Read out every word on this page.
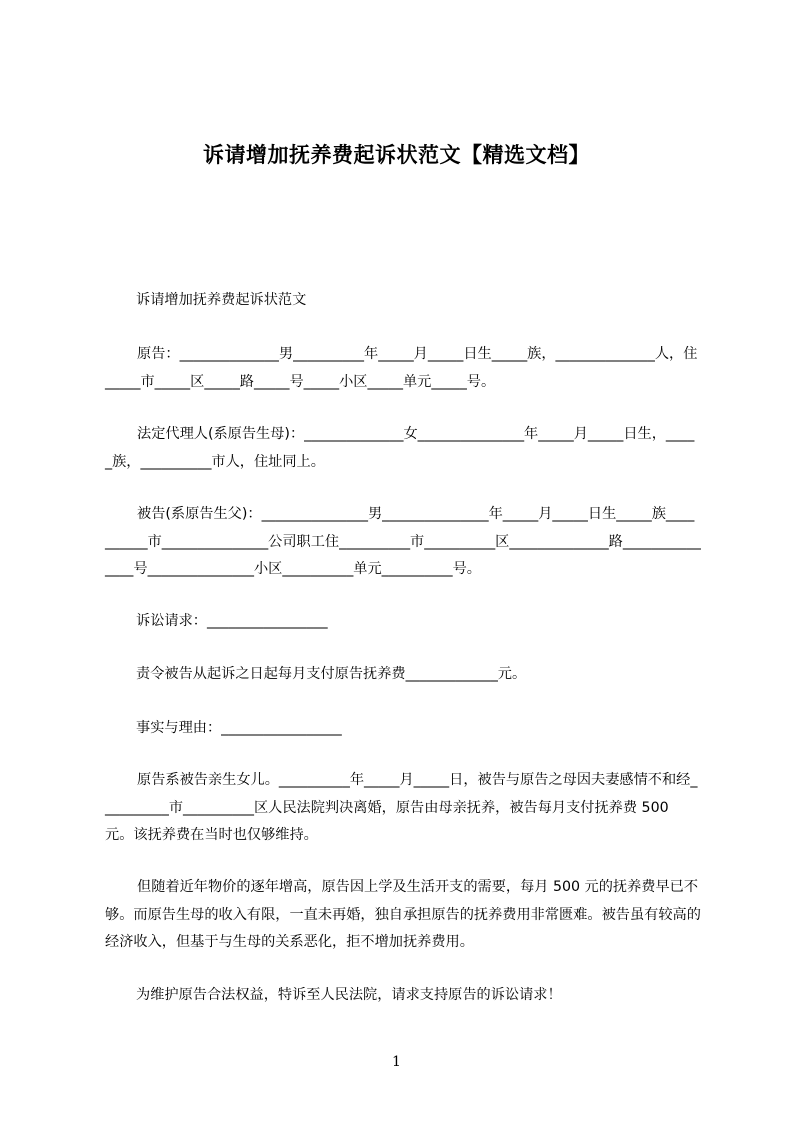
诉请增加抚养费起诉状范文【精选文档】

诉请增加抚养费起诉状范文

原告：______________男__________年_____月_____日生_____族，______________人，住_____市_____区_____路_____号_____小区_____单元_____号。

法定代理人(系原告生母)：______________女_______________年_____月_____日生，_____族，__________市人，住址同上。

被告(系原告生父)：_______________男_______________年_____月_____日生_____族__________市_______________公司职工住__________市__________区______________路_______________号_______________小区__________单元__________号。

诉讼请求：_________________

责令被告从起诉之日起每月支付原告抚养费_____________元。

事实与理由：_________________

原告系被告亲生女儿。__________年_____月_____日，被告与原告之母因夫妻感情不和经__________市__________区人民法院判决离婚，原告由母亲抚养，被告每月支付抚养费 500 元。该抚养费在当时也仅够维持。

但随着近年物价的逐年增高，原告因上学及生活开支的需要，每月 500 元的抚养费早已不够。而原告生母的收入有限，一直未再婚，独自承担原告的抚养费用非常匮难。被告虽有较高的经济收入，但基于与生母的关系恶化，拒不增加抚养费用。

为维护原告合法权益，特诉至人民法院，请求支持原告的诉讼请求！

1
